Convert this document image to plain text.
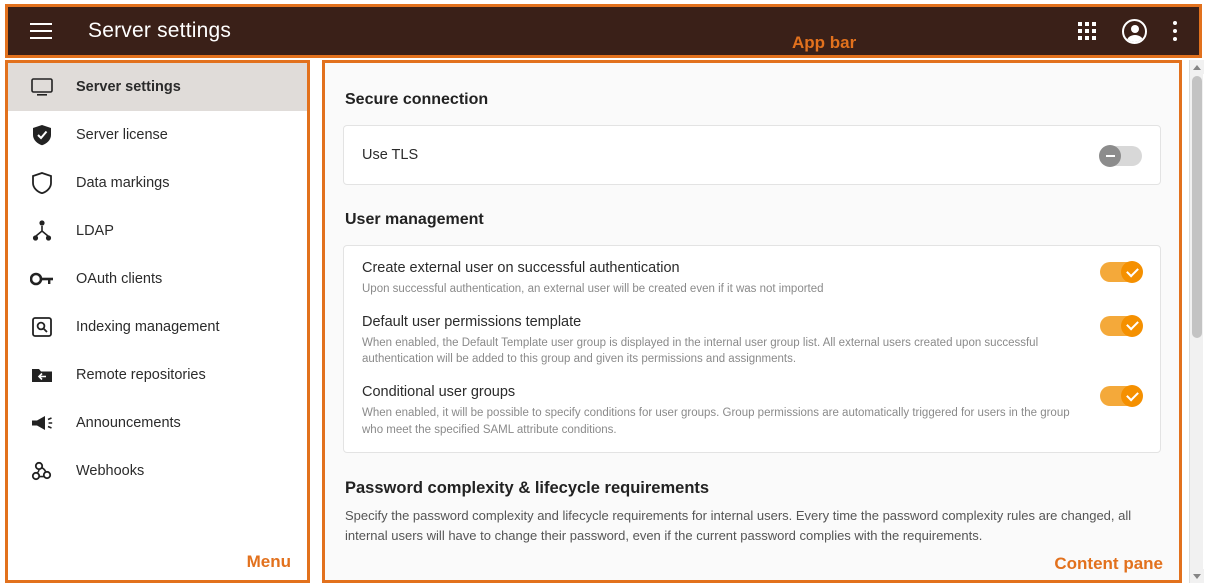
Server settings
App bar
Server settings
Server license
Data markings
LDAP
OAuth clients
Indexing management
Remote repositories
Announcements
Webhooks
Menu
Secure connection
Use TLS
User management
Create external user on successful authentication
Upon successful authentication, an external user will be created even if it was not imported
Default user permissions template
When enabled, the Default Template user group is displayed in the internal user group list. All external users created upon successful authentication will be added to this group and given its permissions and assignments.
Conditional user groups
When enabled, it will be possible to specify conditions for user groups. Group permissions are automatically triggered for users in the group who meet the specified SAML attribute conditions.
Password complexity & lifecycle requirements
Specify the password complexity and lifecycle requirements for internal users. Every time the password complexity rules are changed, all internal users will have to change their password, even if the current password complies with the requirements.
Content pane
